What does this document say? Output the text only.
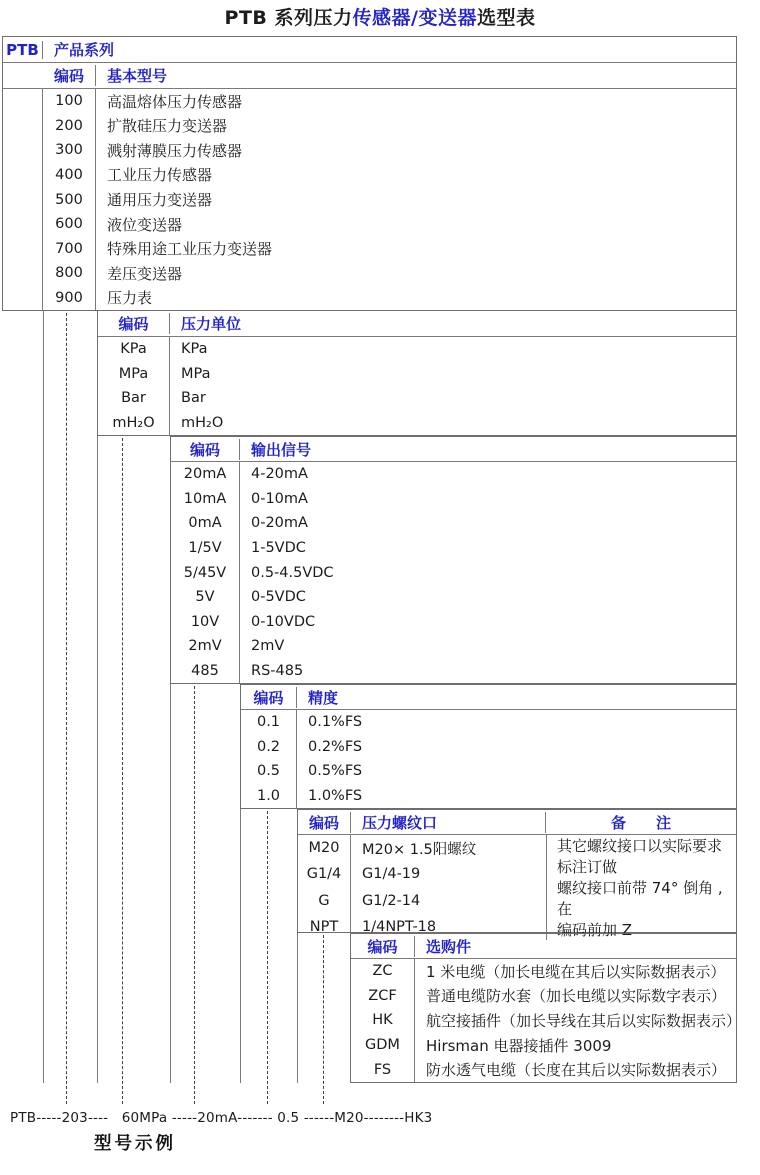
PTB 系列压力传感器/变送器选型表
PTB	产品系列
编码	基本型号
100	高温熔体压力传感器
200	扩散硅压力变送器
300	溅射薄膜压力传感器
400	工业压力传感器
500	通用压力变送器
600	液位变送器
700	特殊用途工业压力变送器
800	差压变送器
900	压力表
编码	压力单位
KPa	KPa
MPa	MPa
Bar	Bar
mH₂O	mH₂O
编码	输出信号
20mA	4-20mA
10mA	0-10mA
0mA	0-20mA
1/5V	1-5VDC
5/45V	0.5-4.5VDC
5V	0-5VDC
10V	0-10VDC
2mV	2mV
485	RS-485
编码	精度
0.1	0.1%FS
0.2	0.2%FS
0.5	0.5%FS
1.0	1.0%FS
编码	压力螺纹口	备　　注
M20	M20× 1.5阳螺纹
G1/4	G1/4-19
G	G1/2-14
NPT	1/4NPT-18
其它螺纹接口以实际要求
标注订做
螺纹接口前带 74° 倒角 ,在
编码前加 Z
编码	选购件
ZC	1 米电缆（加长电缆在其后以实际数据表示）
ZCF	普通电缆防水套（加长电缆以实际数字表示）
HK	航空接插件（加长导线在其后以实际数据表示）
GDM	Hirsman 电器接插件 3009
FS	防水透气电缆（长度在其后以实际数据表示）
PTB-----203----   60MPa -----20mA------- 0.5 ------M20--------HK3
型号示例
